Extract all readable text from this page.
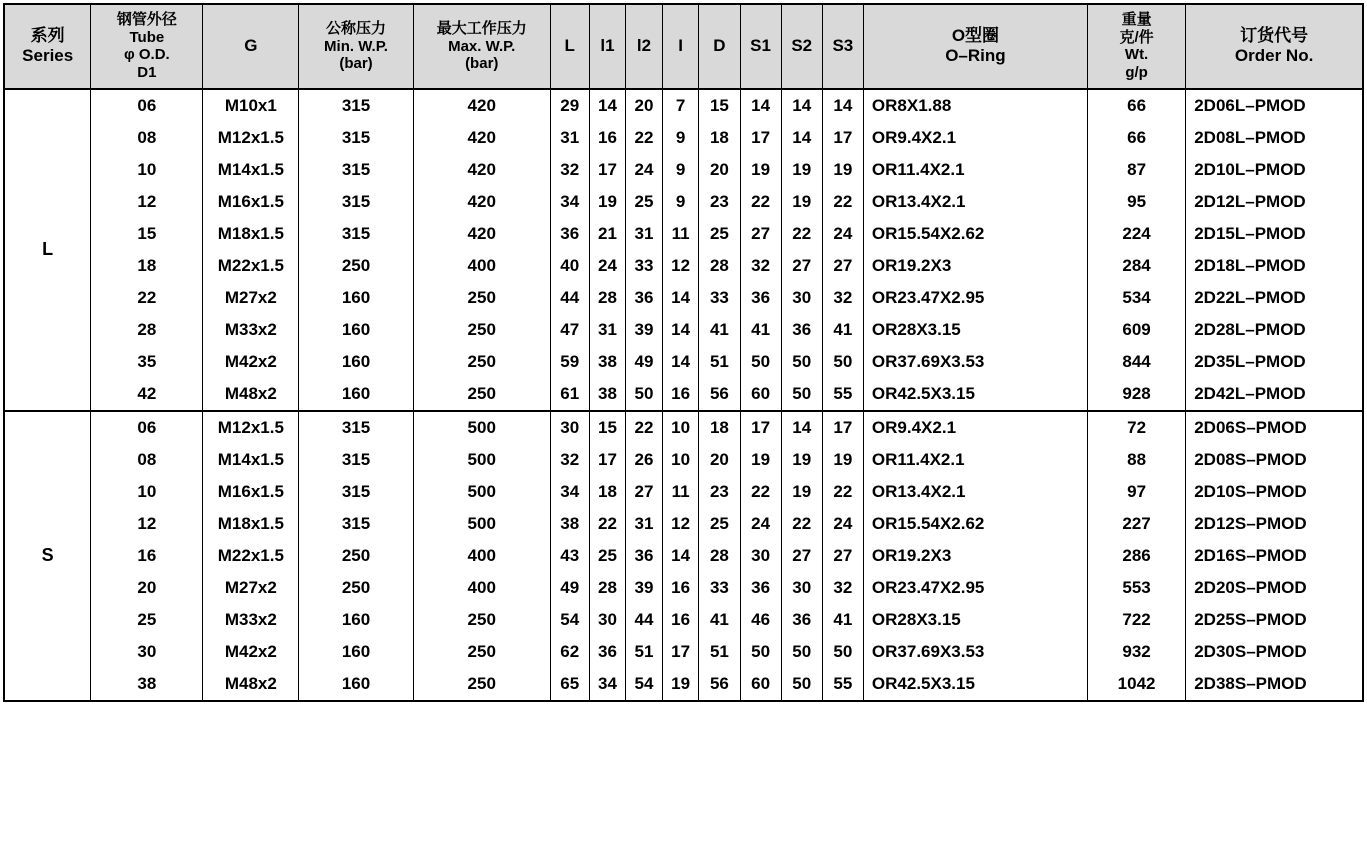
系列
Series	钢管外径
Tube
φ O.D.
D1	G	公称压力
Min. W.P.
(bar)	最大工作压力
Max. W.P.
(bar)	L	l1	l2	I	D	S1	S2	S3	O型圈
O–Ring	重量
克/件
Wt.
g/p	订货代号
Order No.

L	06	M10x1	315	420	29	14	20	7	15	14	14	14	OR8X1.88	66	2D06L–PMOD
	08	M12x1.5	315	420	31	16	22	9	18	17	14	17	OR9.4X2.1	66	2D08L–PMOD
	10	M14x1.5	315	420	32	17	24	9	20	19	19	19	OR11.4X2.1	87	2D10L–PMOD
	12	M16x1.5	315	420	34	19	25	9	23	22	19	22	OR13.4X2.1	95	2D12L–PMOD
	15	M18x1.5	315	420	36	21	31	11	25	27	22	24	OR15.54X2.62	224	2D15L–PMOD
	18	M22x1.5	250	400	40	24	33	12	28	32	27	27	OR19.2X3	284	2D18L–PMOD
	22	M27x2	160	250	44	28	36	14	33	36	30	32	OR23.47X2.95	534	2D22L–PMOD
	28	M33x2	160	250	47	31	39	14	41	41	36	41	OR28X3.15	609	2D28L–PMOD
	35	M42x2	160	250	59	38	49	14	51	50	50	50	OR37.69X3.53	844	2D35L–PMOD
	42	M48x2	160	250	61	38	50	16	56	60	50	55	OR42.5X3.15	928	2D42L–PMOD
S	06	M12x1.5	315	500	30	15	22	10	18	17	14	17	OR9.4X2.1	72	2D06S–PMOD
	08	M14x1.5	315	500	32	17	26	10	20	19	19	19	OR11.4X2.1	88	2D08S–PMOD
	10	M16x1.5	315	500	34	18	27	11	23	22	19	22	OR13.4X2.1	97	2D10S–PMOD
	12	M18x1.5	315	500	38	22	31	12	25	24	22	24	OR15.54X2.62	227	2D12S–PMOD
	16	M22x1.5	250	400	43	25	36	14	28	30	27	27	OR19.2X3	286	2D16S–PMOD
	20	M27x2	250	400	49	28	39	16	33	36	30	32	OR23.47X2.95	553	2D20S–PMOD
	25	M33x2	160	250	54	30	44	16	41	46	36	41	OR28X3.15	722	2D25S–PMOD
	30	M42x2	160	250	62	36	51	17	51	50	50	50	OR37.69X3.53	932	2D30S–PMOD
	38	M48x2	160	250	65	34	54	19	56	60	50	55	OR42.5X3.15	1042	2D38S–PMOD
